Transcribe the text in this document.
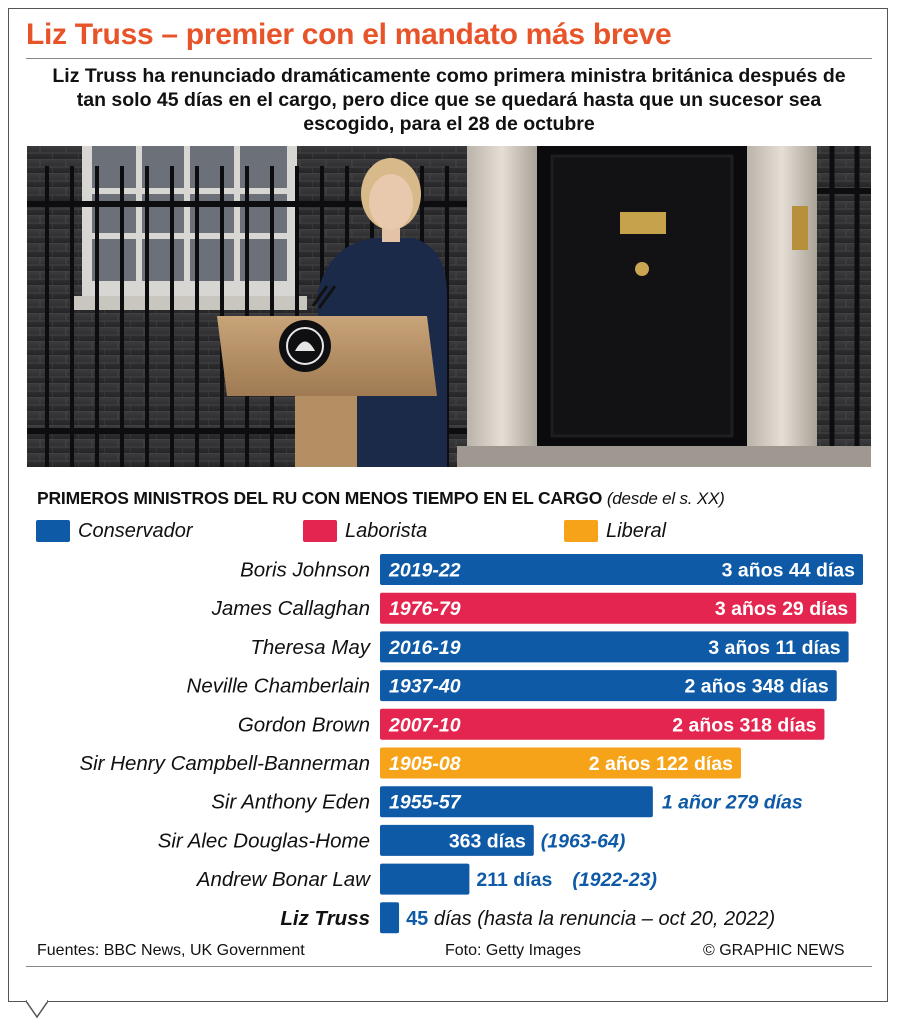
Liz Truss – premier con el mandato más breve
Liz Truss ha renunciado dramáticamente como primera ministra británica después de tan solo 45 días en el cargo, pero dice que se quedará hasta que un sucesor sea escogido, para el 28 de octubre
PRIMEROS MINISTROS DEL RU CON MENOS TIEMPO EN EL CARGO (desde el s. XX)
Conservador	Laborista	Liberal
Boris Johnson 2019-22	3 años 44 días
James Callaghan 1976-79	3 años 29 días
Theresa May 2016-19	3 años 11 días
Neville Chamberlain 1937-40	2 años 348 días
Gordon Brown 2007-10	2 años 318 días
Sir Henry Campbell-Bannerman 1905-08	2 años 122 días
Sir Anthony Eden 1955-57	1 añor 279 días
Sir Alec Douglas-Home	363 días (1963-64)
Andrew Bonar Law	211 días (1922-23)
Liz Truss 45 días (hasta la renuncia – oct 20, 2022)
Fuentes: BBC News, UK Government	Foto: Getty Images	© GRAPHIC NEWS
